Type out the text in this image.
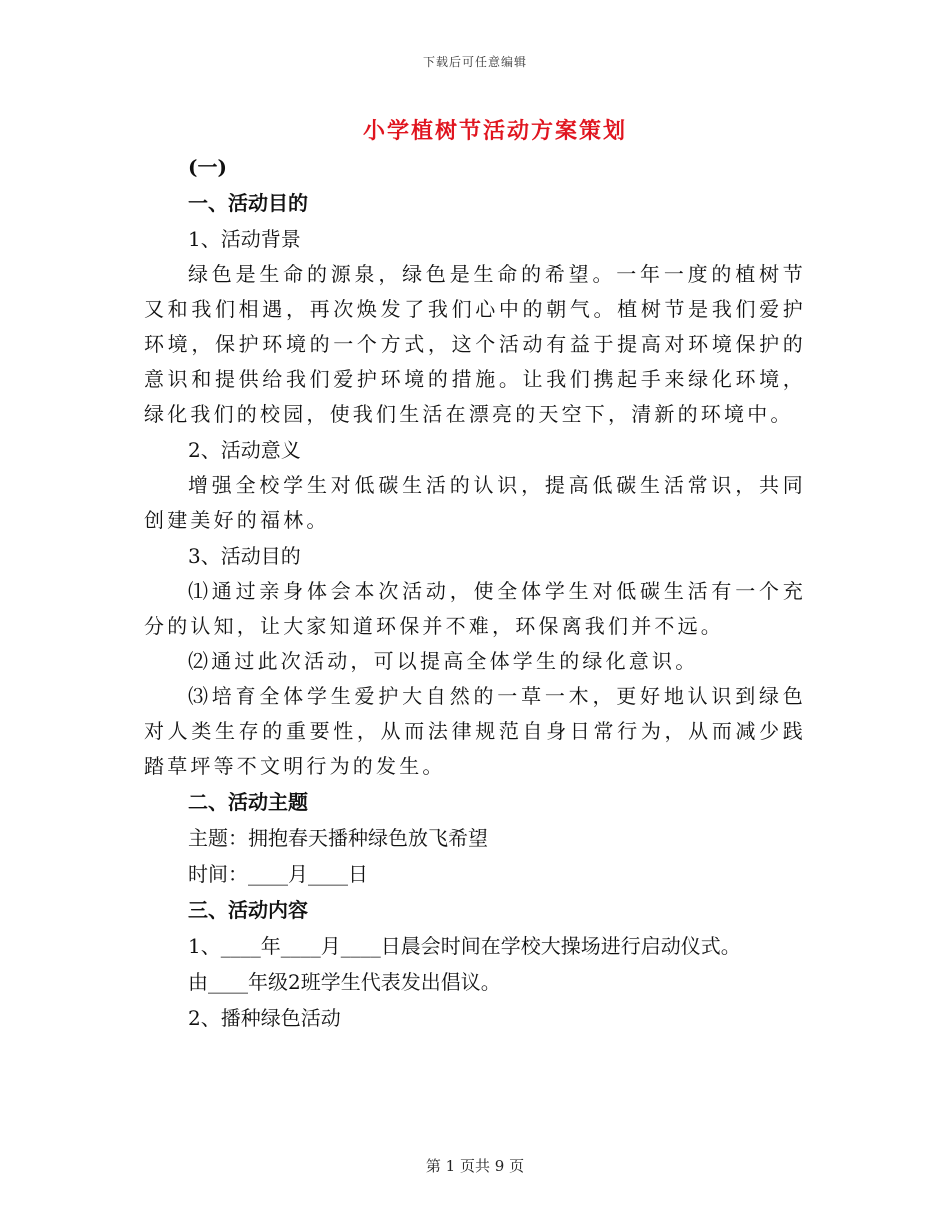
下载后可任意编辑
小学植树节活动方案策划

(一)

一、活动目的

1、活动背景

绿色是生命的源泉，绿色是生命的希望。一年一度的植树节又和我们相遇，再次焕发了我们心中的朝气。植树节是我们爱护环境，保护环境的一个方式，这个活动有益于提高对环境保护的意识和提供给我们爱护环境的措施。让我们携起手来绿化环境，绿化我们的校园，使我们生活在漂亮的天空下，清新的环境中。

2、活动意义

增强全校学生对低碳生活的认识，提高低碳生活常识，共同创建美好的福林。

3、活动目的

⑴通过亲身体会本次活动，使全体学生对低碳生活有一个充分的认知，让大家知道环保并不难，环保离我们并不远。

⑵通过此次活动，可以提高全体学生的绿化意识。

⑶培育全体学生爱护大自然的一草一木，更好地认识到绿色对人类生存的重要性，从而法律规范自身日常行为，从而减少践踏草坪等不文明行为的发生。

二、活动主题

主题：拥抱春天播种绿色放飞希望

时间：____月____日

三、活动内容

1、____年____月____日晨会时间在学校大操场进行启动仪式。

由____年级2班学生代表发出倡议。

2、播种绿色活动

第 1 页共 9 页
